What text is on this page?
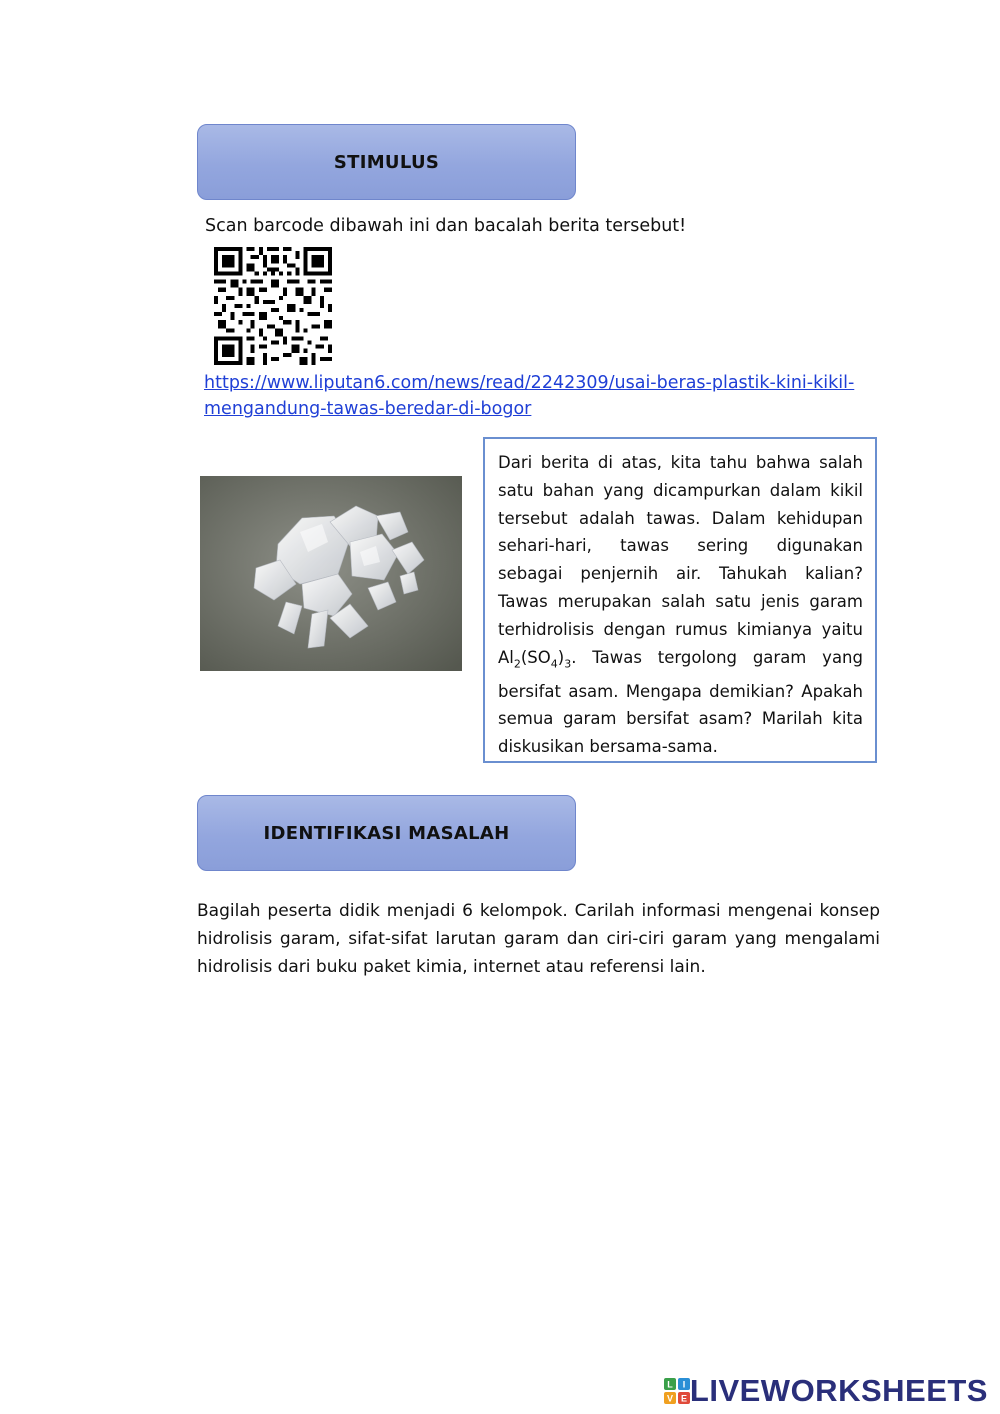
STIMULUS
Scan barcode dibawah ini dan bacalah berita tersebut!
https://www.liputan6.com/news/read/2242309/usai-beras-plastik-kini-kikil-mengandung-tawas-beredar-di-bogor

Dari berita di atas, kita tahu bahwa salah satu bahan yang dicampurkan dalam kikil tersebut adalah tawas. Dalam kehidupan sehari-hari, tawas sering digunakan sebagai penjernih air. Tahukah kalian? Tawas merupakan salah satu jenis garam terhidrolisis dengan rumus kimianya yaitu $Al_2(SO_4)_3$. Tawas tergolong garam yang bersifat asam. Mengapa demikian? Apakah semua garam bersifat asam? Marilah kita diskusikan bersama-sama.

IDENTIFIKASI MASALAH
Bagilah peserta didik menjadi 6 kelompok. Carilah informasi mengenai konsep hidrolisis garam, sifat-sifat larutan garam dan ciri-ciri garam yang mengalami hidrolisis dari buku paket kimia, internet atau referensi lain.
L I
V E LIVEWORKSHEETS
